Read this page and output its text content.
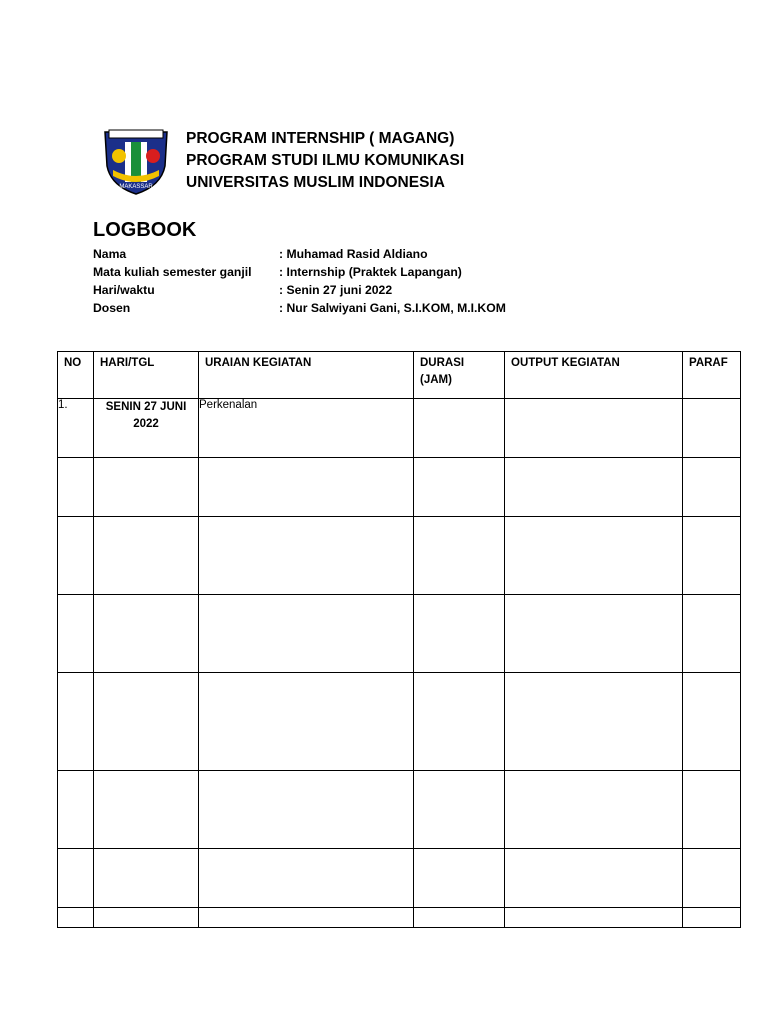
MAKASSAR
PROGRAM INTERNSHIP ( MAGANG)
PROGRAM STUDI ILMU KOMUNIKASI
UNIVERSITAS MUSLIM INDONESIA
LOGBOOK
Nama	: Muhamad Rasid Aldiano
Mata kuliah semester ganjil : Internship (Praktek Lapangan)
Hari/waktu	: Senin 27 juni 2022
Dosen	: Nur Salwiyani Gani, S.I.KOM, M.I.KOM
NO	HARI/TGL	URAIAN KEGIATAN	DURASI (JAM)	OUTPUT KEGIATAN	PARAF
1.	SENIN 27 JUNI 2022	Perkenalan			
